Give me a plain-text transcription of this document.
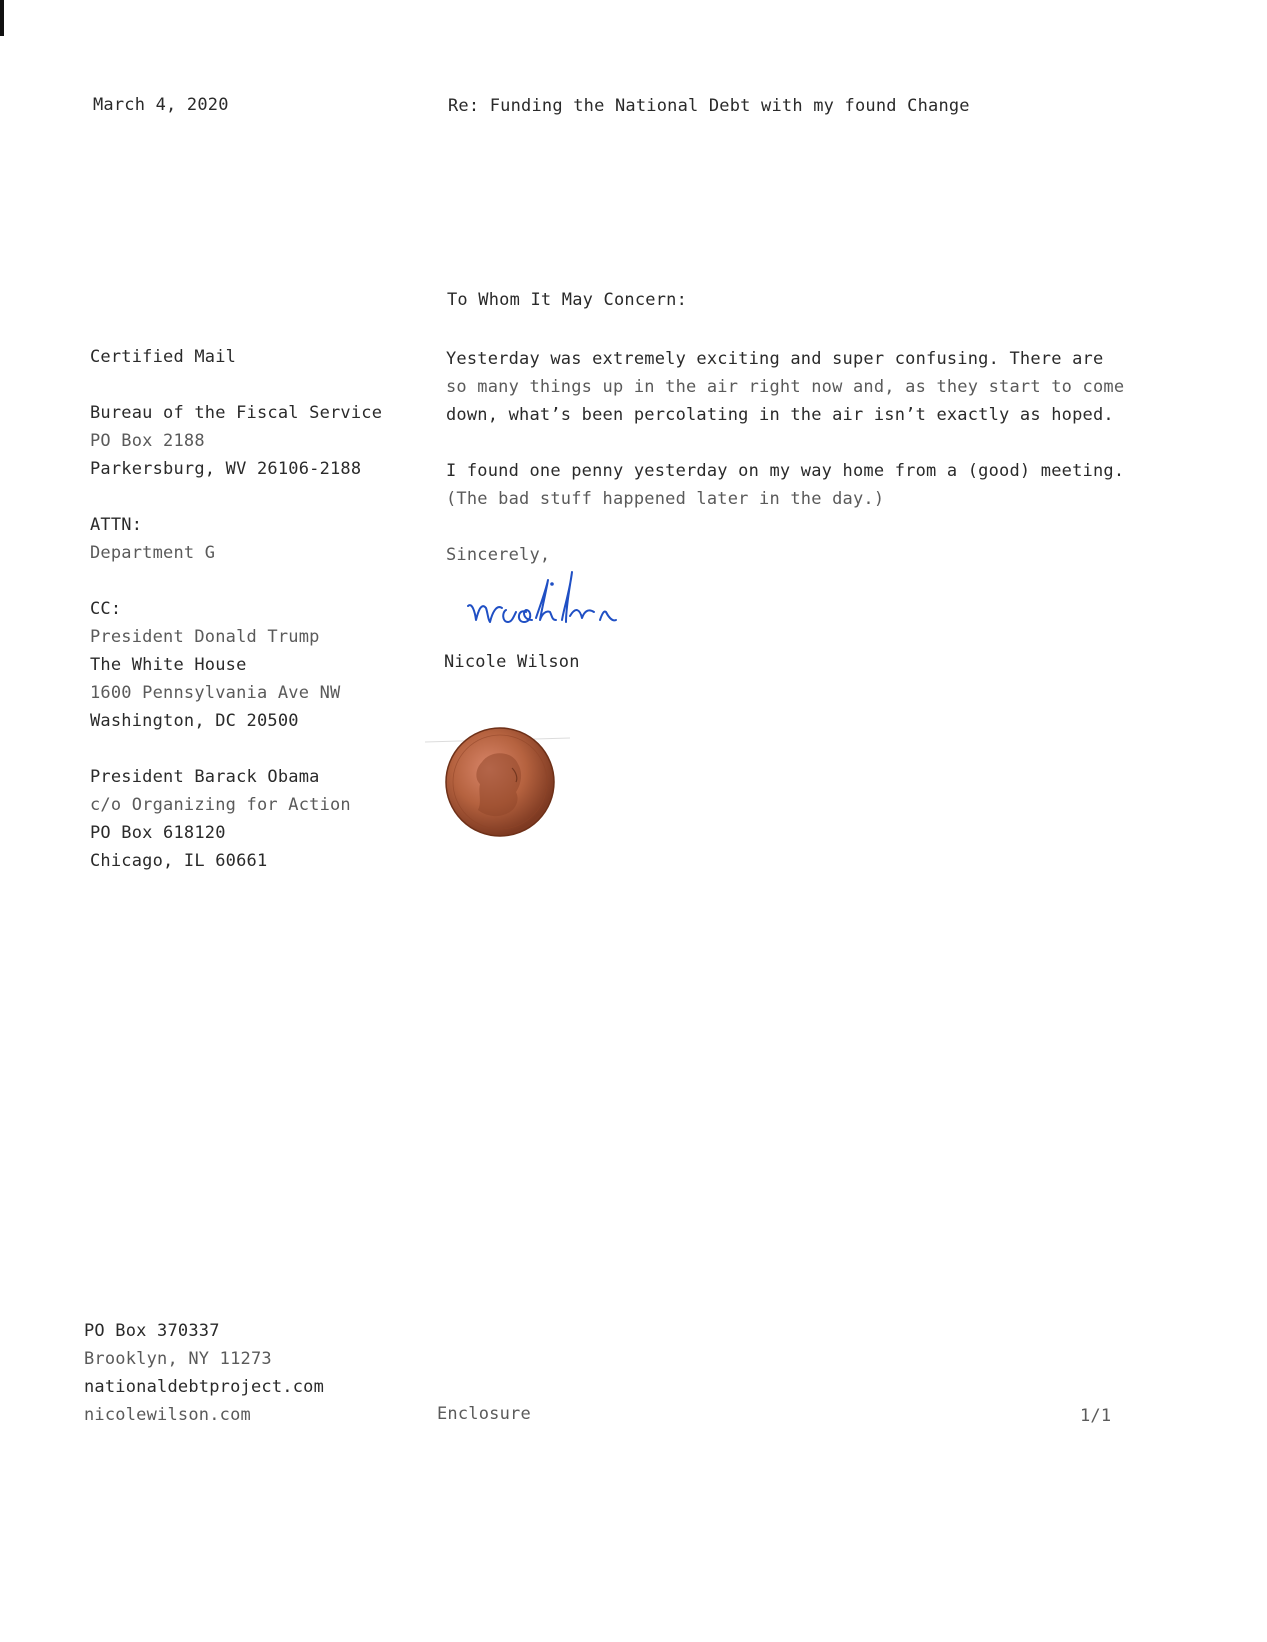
March 4, 2020	Re: Funding the National Debt with my found Change
To Whom It May Concern:
Certified Mail
Bureau of the Fiscal Service
PO Box 2188
Parkersburg, WV 26106-2188
ATTN:
Department G
CC:
President Donald Trump
The White House
1600 Pennsylvania Ave NW
Washington, DC 20500
President Barack Obama
c/o Organizing for Action
PO Box 618120
Chicago, IL 60661
Yesterday was extremely exciting and super confusing. There are
so many things up in the air right now and, as they start to come
down, what’s been percolating in the air isn’t exactly as hoped.
I found one penny yesterday on my way home from a (good) meeting.
(The bad stuff happened later in the day.)
Sincerely,
Nicole Wilson
PO Box 370337
Brooklyn, NY 11273
nationaldebtproject.com
nicolewilson.com	Enclosure	1/1
